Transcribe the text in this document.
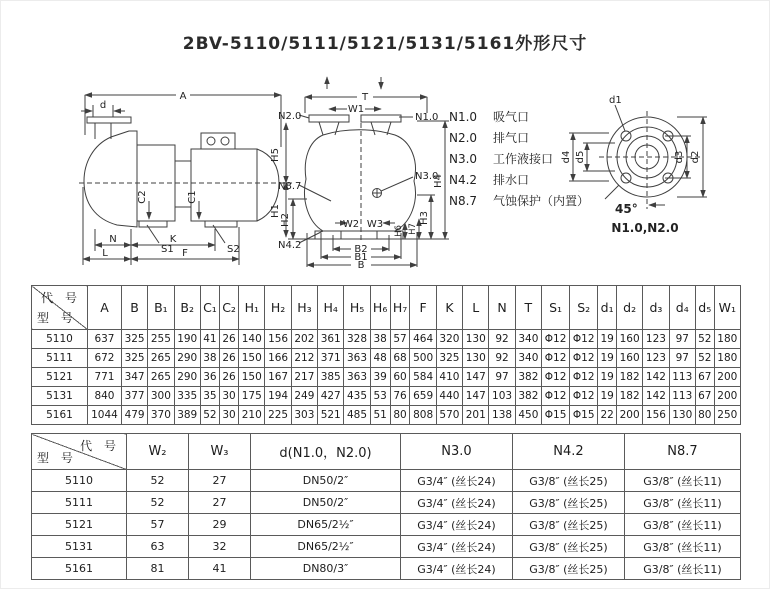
2BV-5110/5111/5121/5131/5161外形尺寸
A
d
H5
H1
C2	C1
S1	S2
N	K
L	F
T
W1
N2.0	N1.0
N8.7
N3.0
H2	W2 W3
H4
H3
H6 H7
N4.2	B2
B1
B
N1.0 吸气口
N2.0 排气口
N3.0 工作液接口
N4.2 排水口
N8.7 气蚀保护（内置）
d1
d4 d5	d3 d2
45°
N1.0,N2.0
代 号
型 号	A	B	B₁	B₂	C₁	C₂	H₁	H₂	H₃	H₄	H₅	H₆	H₇	F	K	L	N	T	S₁	S₂	d₁	d₂	d₃	d₄	d₅	W₁
5110	637	325	255	190	41	26	140	156	202	361	328	38	57	464	320	130	92	340	Φ12	Φ12	19	160	123	97	52	180
5111	672	325	265	290	38	26	150	166	212	371	363	48	68	500	325	130	92	340	Φ12	Φ12	19	160	123	97	52	180
5121	771	347	265	290	36	26	150	167	217	385	363	39	60	584	410	147	97	382	Φ12	Φ12	19	182	142	113	67	200
5131	840	377	300	335	35	30	175	194	249	427	435	53	76	659	440	147	103	382	Φ12	Φ12	19	182	142	113	67	200
5161	1044	479	370	389	52	30	210	225	303	521	485	51	80	808	570	201	138	450	Φ15	Φ15	22	200	156	130	80	250
代 号
型 号	W₂	W₃	d(N1.0，N2.0)	N3.0	N4.2	N8.7
5110	52	27	DN50/2″	G3/4″ (丝长24)	G3/8″ (丝长25)	G3/8″ (丝长11)
5111	52	27	DN50/2″	G3/4″ (丝长24)	G3/8″ (丝长25)	G3/8″ (丝长11)
5121	57	29	DN65/2½″	G3/4″ (丝长24)	G3/8″ (丝长25)	G3/8″ (丝长11)
5131	63	32	DN65/2½″	G3/4″ (丝长24)	G3/8″ (丝长25)	G3/8″ (丝长11)
5161	81	41	DN80/3″	G3/4″ (丝长24)	G3/8″ (丝长25)	G3/8″ (丝长11)
